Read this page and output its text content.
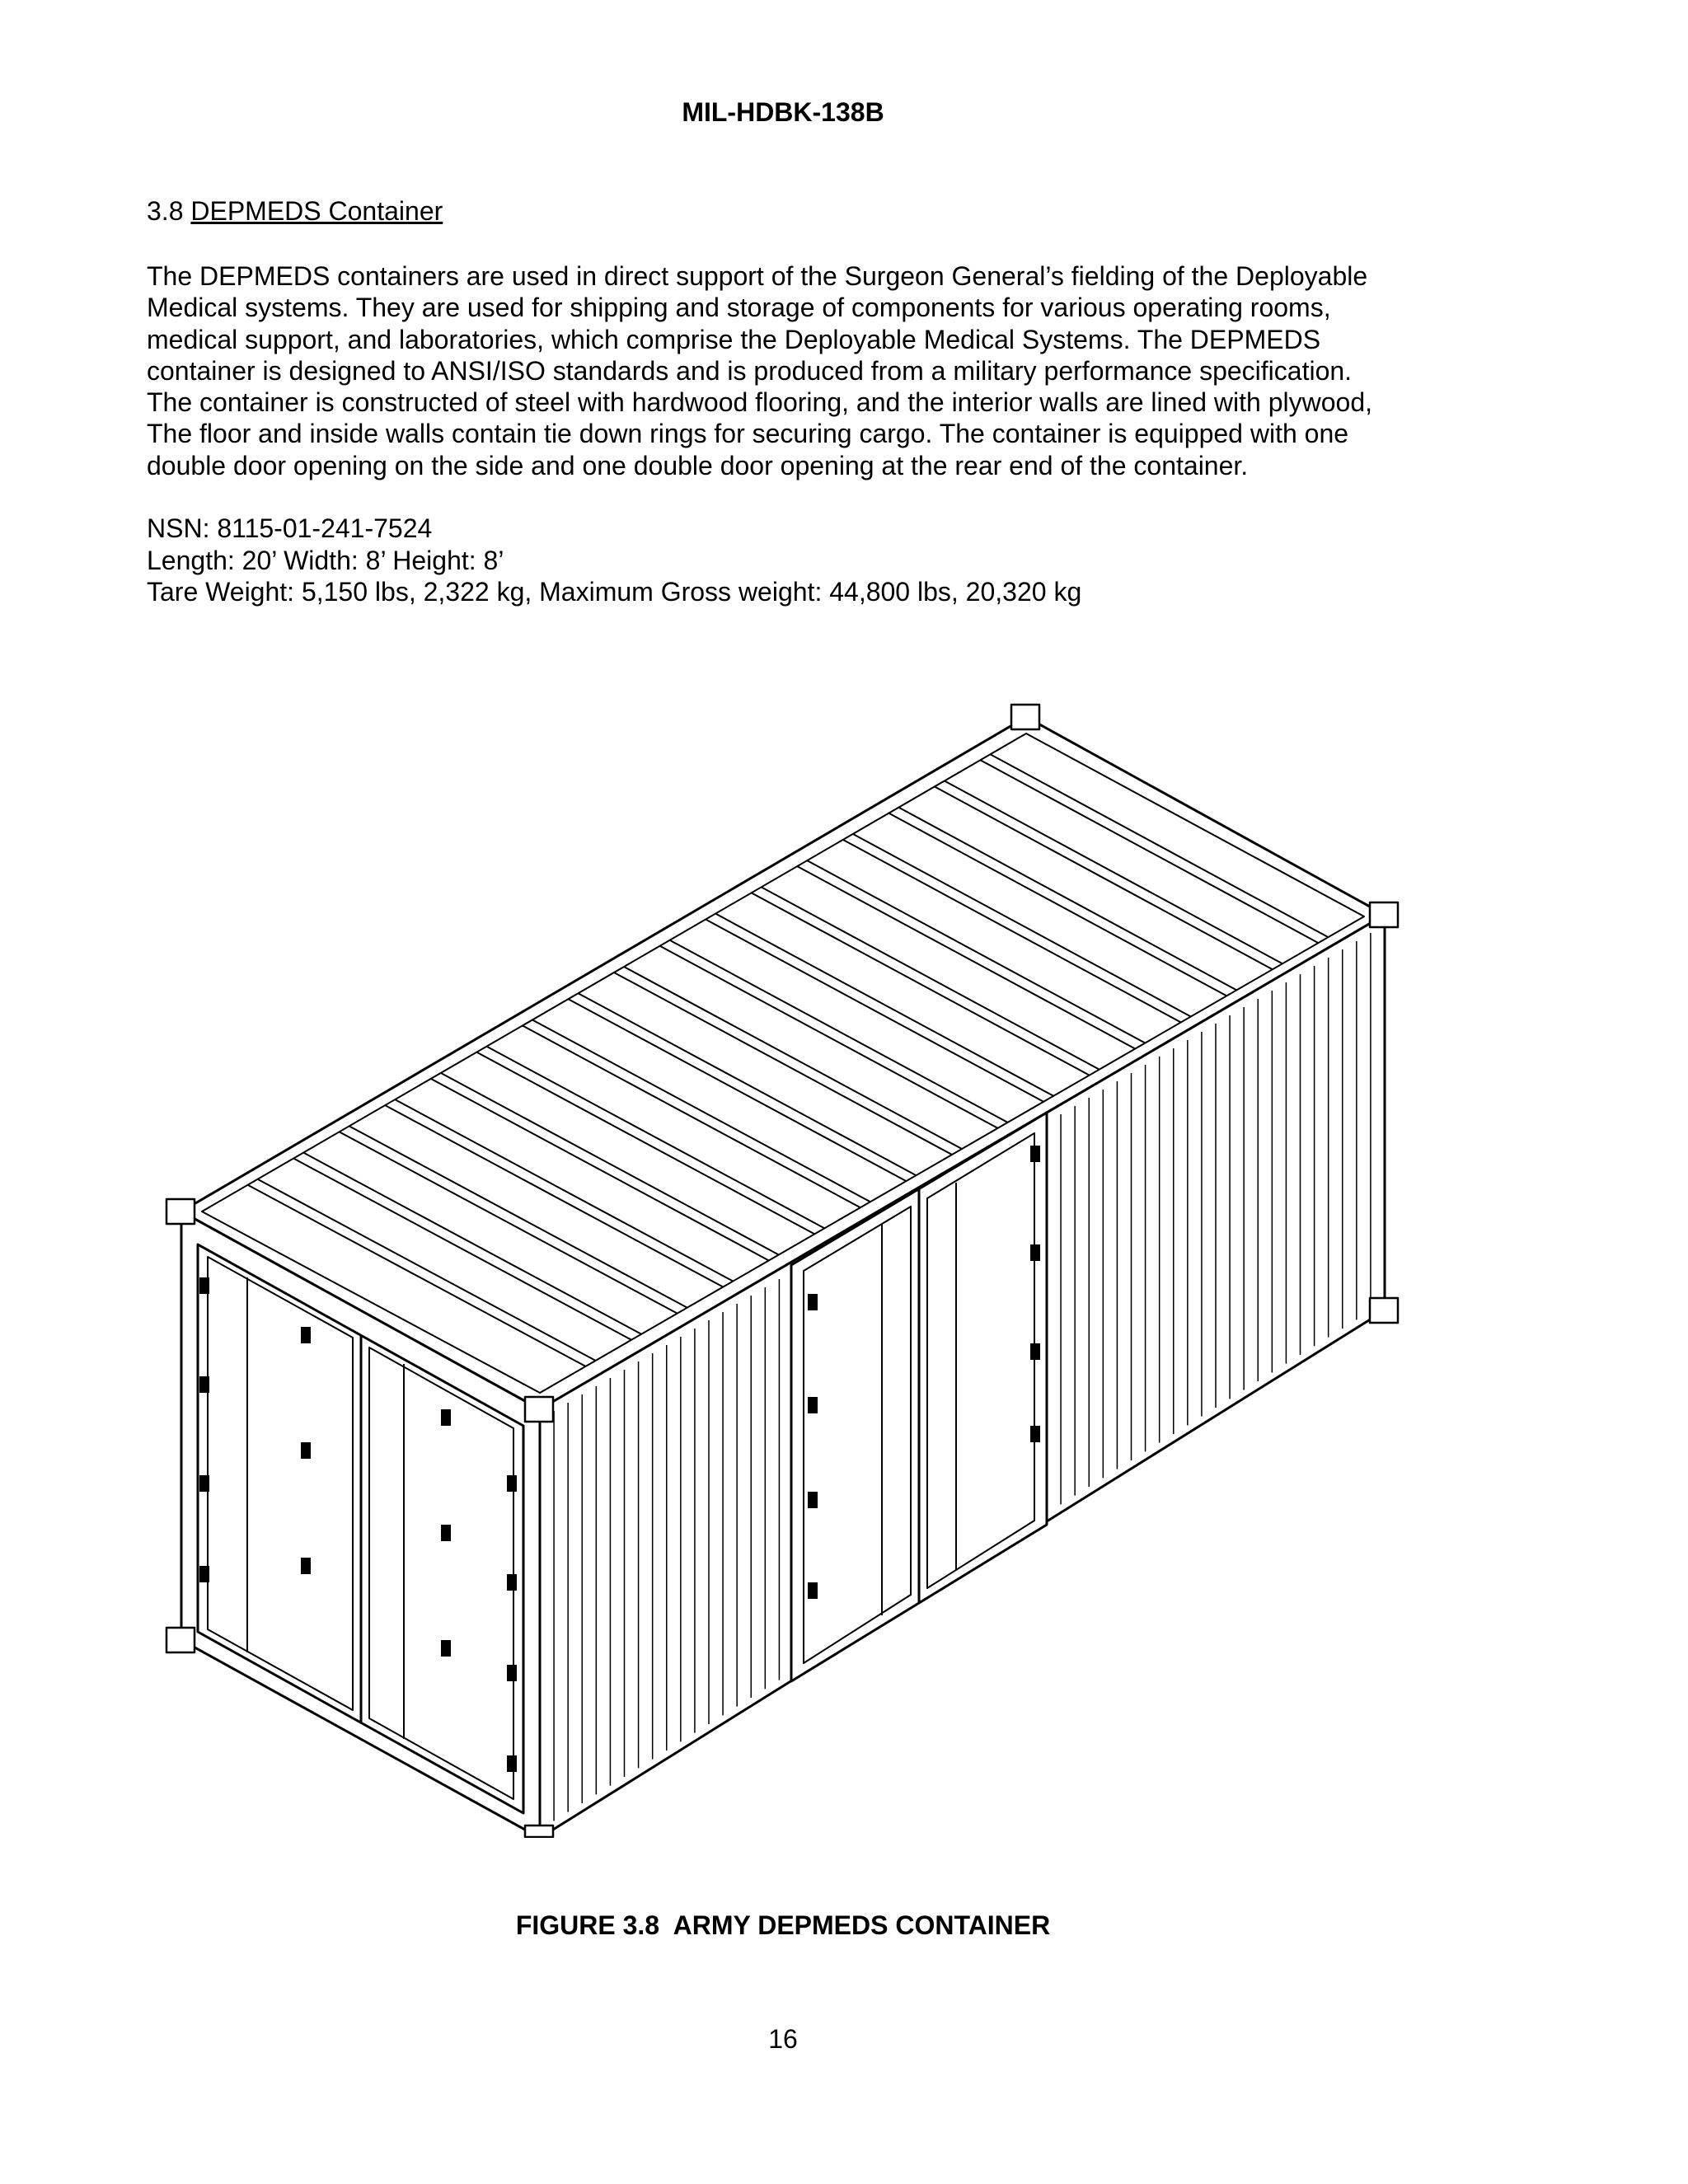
MIL-HDBK-138B
3.8 DEPMEDS Container
The DEPMEDS containers are used in direct support of the Surgeon General’s fielding of the Deployable
Medical systems. They are used for shipping and storage of components for various operating rooms,
medical support, and laboratories, which comprise the Deployable Medical Systems. The DEPMEDS
container is designed to ANSI/ISO standards and is produced from a military performance specification.
The container is constructed of steel with hardwood flooring, and the interior walls are lined with plywood,
The floor and inside walls contain tie down rings for securing cargo. The container is equipped with one
double door opening on the side and one double door opening at the rear end of the container.
NSN: 8115-01-241-7524
Length: 20’ Width: 8’ Height: 8’
Tare Weight: 5,150 lbs, 2,322 kg, Maximum Gross weight: 44,800 lbs, 20,320 kg
FIGURE 3.8  ARMY DEPMEDS CONTAINER
16
